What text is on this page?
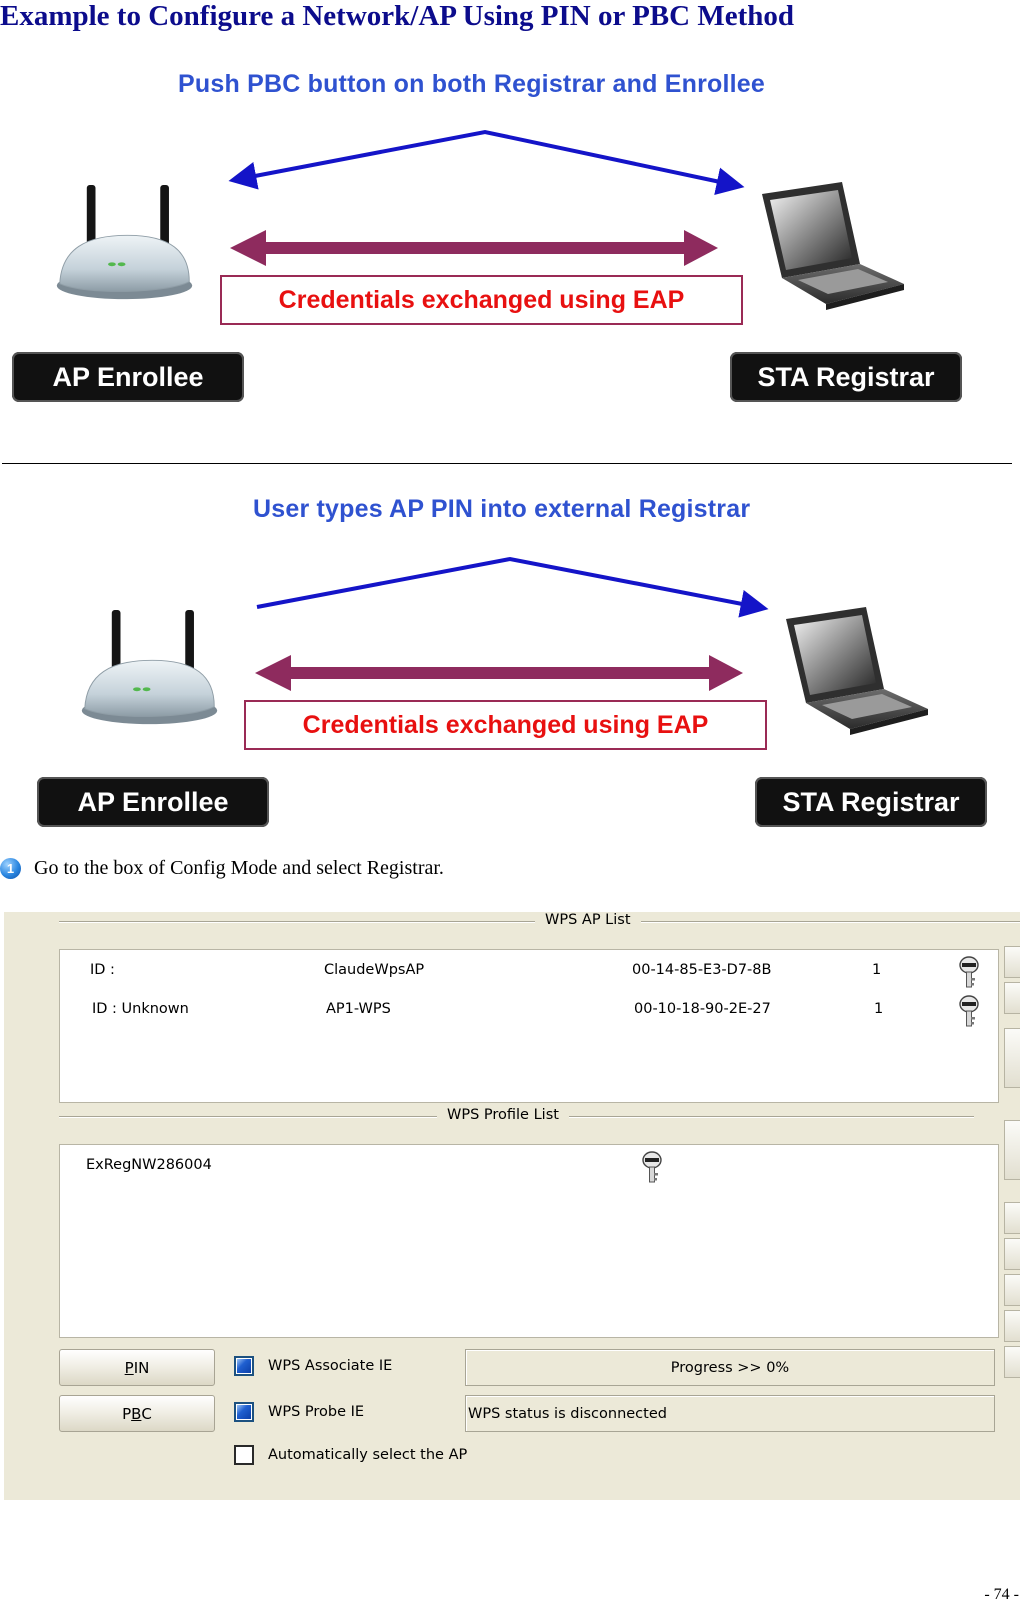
Example to Configure a Network/AP Using PIN or PBC Method
Push PBC button on both Registrar and Enrollee
Credentials exchanged using EAP
AP Enrollee	STA Registrar
User types AP PIN into external Registrar
Credentials exchanged using EAP
AP Enrollee	STA Registrar
1 Go to the box of Config Mode and select Registrar.
WPS AP List
ID :	ClaudeWpsAP	00-14-85-E3-D7-8B	1
ID : Unknown	AP1-WPS	00-10-18-90-2E-27	1
WPS Profile List
ExRegNW286004
P IN
P B C
WPS Associate IE
WPS Probe IE
Automatically select the AP
Progress >> 0%
WPS status is disconnected
- 74 -
